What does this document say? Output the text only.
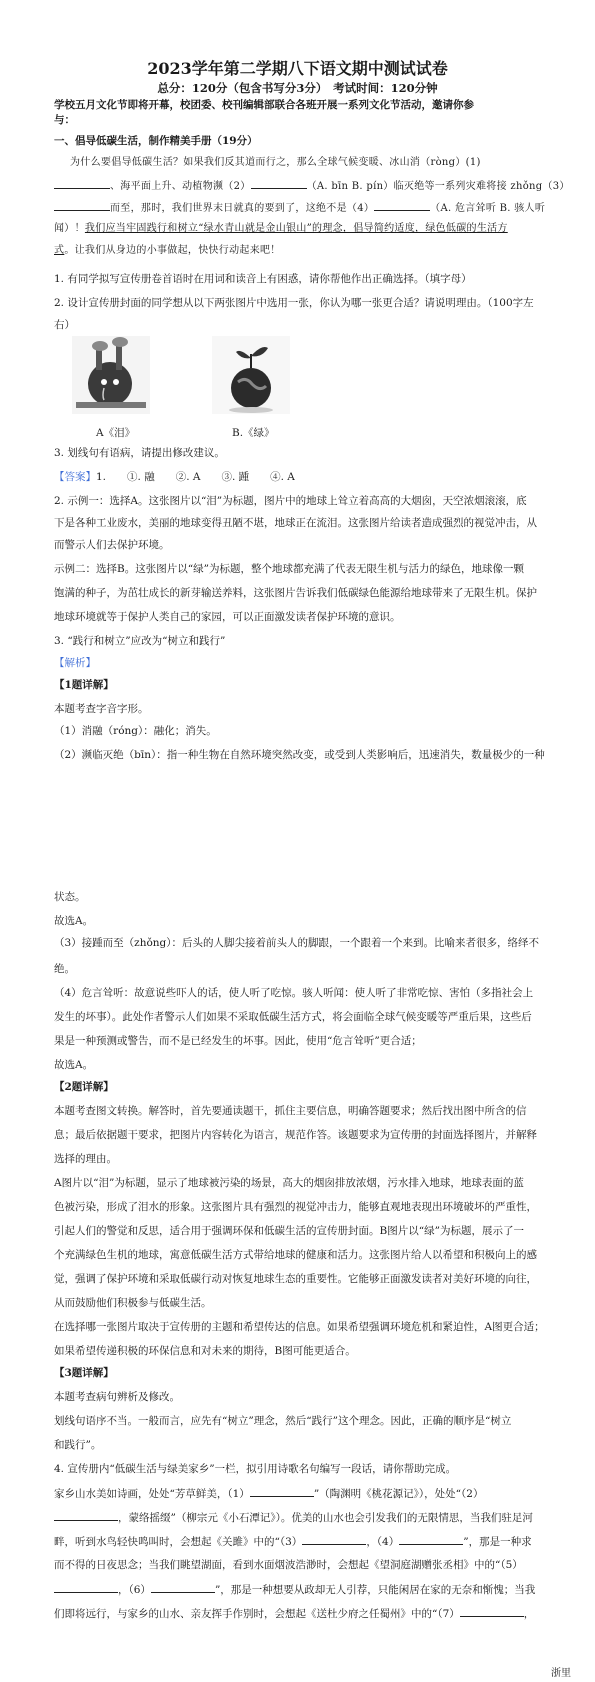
2023学年第二学期八下语文期中测试试卷
总分：120分（包含书写分3分）　考试时间：120分钟
学校五月文化节即将开幕，校团委、校刊编辑部联合各班开展一系列文化节活动，邀请你参
与：
一、倡导低碳生活，制作精美手册（19分）
为什么要倡导低碳生活？如果我们反其道而行之，那么全球气候变暖、冰山消（ròng）(1)
、海平面上升、动植物濒（2）	（A. bīn B. pín）临灭绝等一系列灾难将接 zhǒng（3）
而至，那时，我们世界末日就真的要到了，这绝不是（4）	（A. 危言耸听 B. 骇人听
闻）！我们应当牢固践行和树立“绿水青山就是金山银山”的理念，倡导简约适度，绿色低碳的生活方
式。让我们从身边的小事做起，快快行动起来吧！
1. 有同学拟写宣传册卷首语时在用词和读音上有困惑，请你帮他作出正确选择。（填字母）
2. 设计宣传册封面的同学想从以下两张图片中选用一张，你认为哪一张更合适？请说明理由。（100字左
右）
A《泪》	B.《绿》
3. 划线句有语病，请提出修改建议。
【答案】1.　　①. 融　　②. A　　③. 踵　　④. A
2. 示例一：选择A。这张图片以“泪”为标题，图片中的地球上耸立着高高的大烟囱，天空浓烟滚滚，底
下是各种工业废水，美丽的地球变得丑陋不堪，地球正在流泪。这张图片给读者造成强烈的视觉冲击，从
而警示人们去保护环境。
示例二：选择B。这张图片以“绿”为标题，整个地球都充满了代表无限生机与活力的绿色，地球像一颗
饱满的种子，为茁壮成长的新芽输送养料，这张图片告诉我们低碳绿色能源给地球带来了无限生机。保护
地球环境就等于保护人类自己的家园，可以正面激发读者保护环境的意识。
3. “践行和树立”应改为“树立和践行”
【解析】
【1题详解】
本题考查字音字形。
（1）消融（róng）：融化；消失。
（2）濒临灭绝（bīn）：指一种生物在自然环境突然改变，或受到人类影响后，迅速消失，数量极少的一种
状态。
故选A。
（3）接踵而至（zhǒng）：后头的人脚尖接着前头人的脚跟，一个跟着一个来到。比喻来者很多，络绎不
绝。
（4）危言耸听：故意说些吓人的话，使人听了吃惊。骇人听闻：使人听了非常吃惊、害怕（多指社会上
发生的坏事）。此处作者警示人们如果不采取低碳生活方式，将会面临全球气候变暖等严重后果，这些后
果是一种预测或警告，而不是已经发生的坏事。因此，使用“危言耸听”更合适；
故选A。
【2题详解】
本题考查图文转换。解答时，首先要通读题干，抓住主要信息，明确答题要求；然后找出图中所含的信
息；最后依据题干要求，把图片内容转化为语言，规范作答。该题要求为宣传册的封面选择图片，并解释
选择的理由。
A图片以“泪”为标题，显示了地球被污染的场景，高大的烟囱排放浓烟，污水排入地球，地球表面的蓝
色被污染，形成了泪水的形象。这张图片具有强烈的视觉冲击力，能够直观地表现出环境破坏的严重性，
引起人们的警觉和反思，适合用于强调环保和低碳生活的宣传册封面。B图片以“绿”为标题，展示了一
个充满绿色生机的地球，寓意低碳生活方式带给地球的健康和活力。这张图片给人以希望和积极向上的感
觉，强调了保护环境和采取低碳行动对恢复地球生态的重要性。它能够正面激发读者对美好环境的向往，
从而鼓励他们积极参与低碳生活。
在选择哪一张图片取决于宣传册的主题和希望传达的信息。如果希望强调环境危机和紧迫性，A图更合适；
如果希望传递积极的环保信息和对未来的期待，B图可能更适合。
【3题详解】
本题考查病句辨析及修改。
划线句语序不当。一般而言，应先有“树立”理念，然后“践行”这个理念。因此，正确的顺序是“树立
和践行”。
4. 宣传册内“低碳生活与绿美家乡”一栏，拟引用诗歌名句编写一段话，请你帮助完成。
家乡山水美如诗画，处处“芳草鲜美，（1）	”（陶渊明《桃花源记》），处处“（2）
，蒙络摇缀”（柳宗元《小石潭记》）。优美的山水也会引发我们的无限情思，当我们驻足河
畔，听到水鸟轻快鸣叫时，会想起《关雎》中的“（3）	，（4）	”，那是一种求
而不得的日夜思念；当我们眺望湖面，看到水面烟波浩渺时，会想起《望洞庭湖赠张丞相》中的“（5）
，（6）	”，那是一种想要从政却无人引荐，只能闲居在家的无奈和惭愧；当我
们即将远行，与家乡的山水、亲友挥手作别时，会想起《送杜少府之任蜀州》中的“（7）	，
浙里
